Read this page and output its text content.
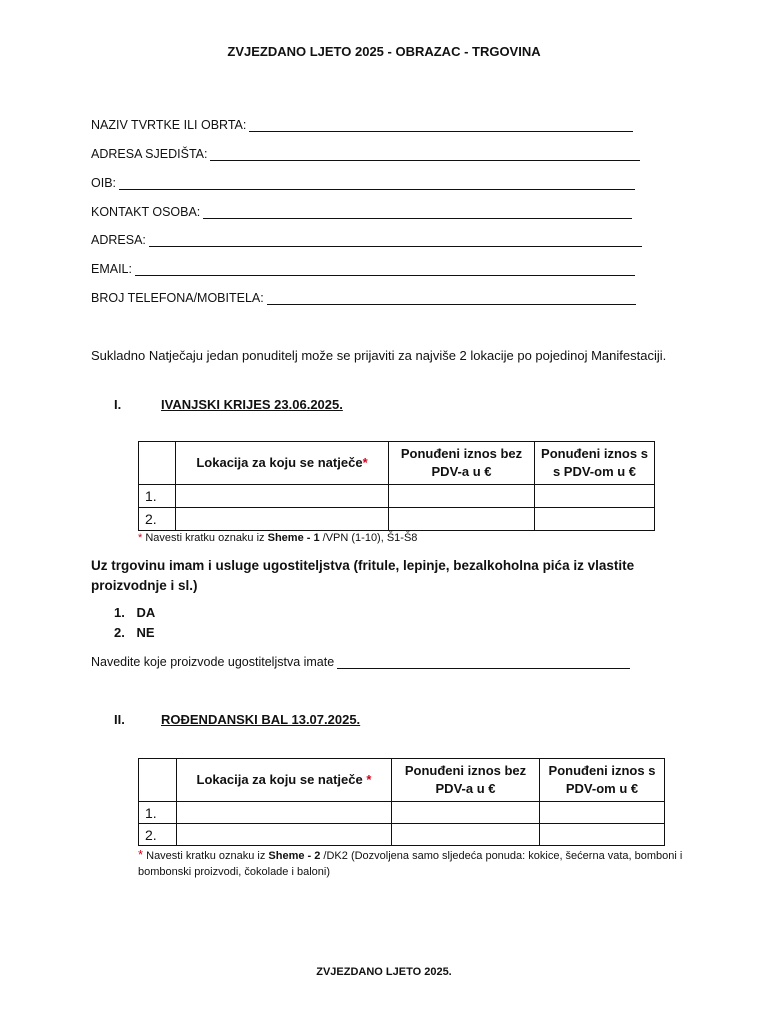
ZVJEZDANO LJETO 2025 - OBRAZAC - TRGOVINA
NAZIV TVRTKE ILI OBRTA:
ADRESA SJEDIŠTA:
OIB:
KONTAKT OSOBA:
ADRESA:
EMAIL:
BROJ TELEFONA/MOBITELA:
Sukladno Natječaju jedan ponuditelj može se prijaviti za najviše 2 lokacije po pojedinoj Manifestaciji.
I.	IVANJSKI KRIJES 23.06.2025.
	Lokacija za koju se natječe*	Ponuđeni iznos bez PDV-a u €	Ponuđeni iznos s s PDV-om u €
1.			
2.			
* Navesti kratku oznaku iz Sheme - 1 /VPN (1-10), Š1-Š8
Uz trgovinu imam i usluge ugostiteljstva (fritule, lepinje, bezalkoholna pića iz vlastite proizvodnje i sl.)
1. DA
2. NE
Navedite koje proizvode ugostiteljstva imate
II.	ROĐENDANSKI BAL 13.07.2025.
	Lokacija za koju se natječe *	Ponuđeni iznos bez PDV-a u €	Ponuđeni iznos s PDV-om u €
1.			
2.			
* Navesti kratku oznaku iz Sheme - 2 /DK2 (Dozvoljena samo sljedeća ponuda: kokice, šećerna vata, bomboni i bombonski proizvodi, čokolade i baloni)
ZVJEZDANO LJETO 2025.
